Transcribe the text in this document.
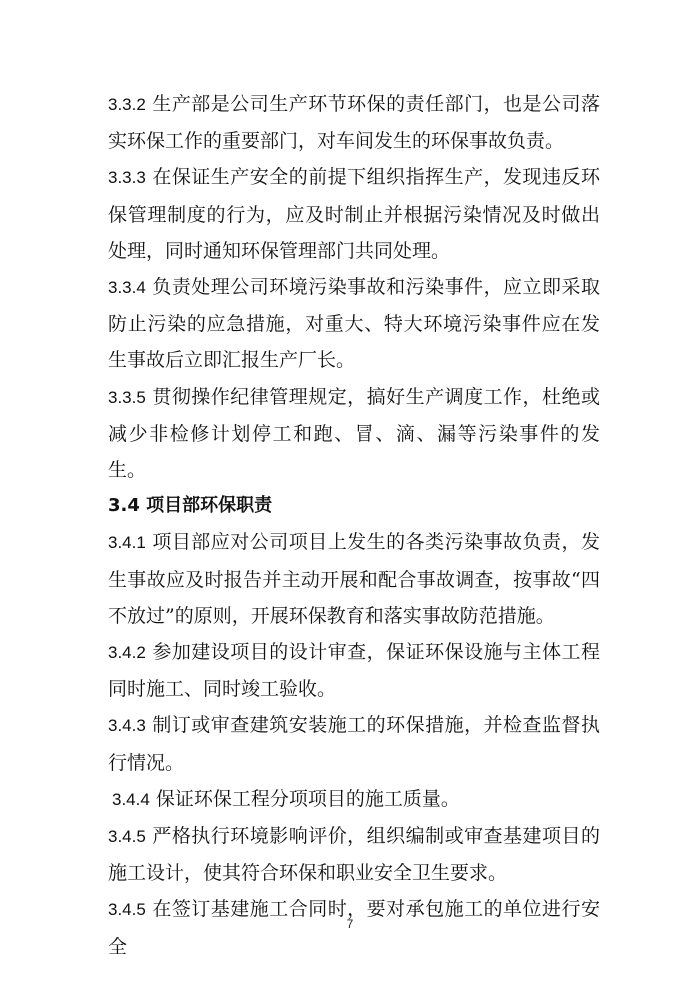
3.3.2 生产部是公司生产环节环保的责任部门，也是公司落实环保工作的重要部门，对车间发生的环保事故负责。

3.3.3 在保证生产安全的前提下组织指挥生产，发现违反环保管理制度的行为，应及时制止并根据污染情况及时做出处理，同时通知环保管理部门共同处理。

3.3.4 负责处理公司环境污染事故和污染事件，应立即采取防止污染的应急措施，对重大、特大环境污染事件应在发生事故后立即汇报生产厂长。

3.3.5 贯彻操作纪律管理规定，搞好生产调度工作，杜绝或减少非检修计划停工和跑、冒、滴、漏等污染事件的发生。

3.4 项目部环保职责

3.4.1 项目部应对公司项目上发生的各类污染事故负责，发生事故应及时报告并主动开展和配合事故调查，按事故“四不放过”的原则，开展环保教育和落实事故防范措施。

3.4.2 参加建设项目的设计审查，保证环保设施与主体工程同时施工、同时竣工验收。

3.4.3 制订或审查建筑安装施工的环保措施，并检查监督执行情况。

3.4.4 保证环保工程分项项目的施工质量。

3.4.5 严格执行环境影响评价，组织编制或审查基建项目的施工设计，使其符合环保和职业安全卫生要求。

3.4.5 在签订基建施工合同时，要对承包施工的单位进行安全

7
